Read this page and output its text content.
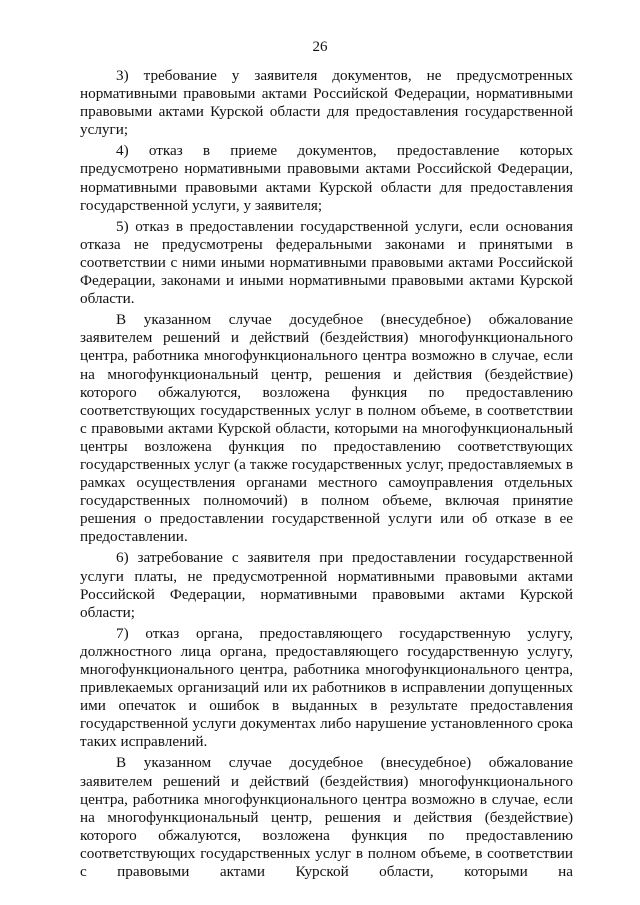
26

3) требование у заявителя документов, не предусмотренных нормативными правовыми актами Российской Федерации, нормативными правовыми актами Курской области для предоставления государственной услуги;

4) отказ в приеме документов, предоставление которых предусмотрено нормативными правовыми актами Российской Федерации, нормативными правовыми актами Курской области для предоставления государственной услуги, у заявителя;

5) отказ в предоставлении государственной услуги, если основания отказа не предусмотрены федеральными законами и принятыми в соответствии с ними иными нормативными правовыми актами Российской Федерации, законами и иными нормативными правовыми актами Курской области.

В указанном случае досудебное (внесудебное) обжалование заявителем решений и действий (бездействия) многофункционального центра, работника многофункционального центра возможно в случае, если на многофункциональный центр, решения и действия (бездействие) которого обжалуются, возложена функция по предоставлению соответствующих государственных услуг в полном объеме, в соответствии с правовыми актами Курской области, которыми на многофункциональный центры возложена функция по предоставлению соответствующих государственных услуг (а также государственных услуг, предоставляемых в рамках осуществления органами местного самоуправления отдельных государственных полномочий) в полном объеме, включая принятие решения о предоставлении государственной услуги или об отказе в ее предоставлении.

6) затребование с заявителя при предоставлении государственной услуги платы, не предусмотренной нормативными правовыми актами Российской Федерации, нормативными правовыми актами Курской области;

7) отказ органа, предоставляющего государственную услугу, должностного лица органа, предоставляющего государственную услугу, многофункционального центра, работника многофункционального центра, привлекаемых организаций или их работников в исправлении допущенных ими опечаток и ошибок в выданных в результате предоставления государственной услуги документах либо нарушение установленного срока таких исправлений.

В указанном случае досудебное (внесудебное) обжалование заявителем решений и действий (бездействия) многофункционального центра, работника многофункционального центра возможно в случае, если на многофункциональный центр, решения и действия (бездействие) которого обжалуются, возложена функция по предоставлению соответствующих государственных услуг в полном объеме, в соответствии с правовыми актами Курской области, которыми на
